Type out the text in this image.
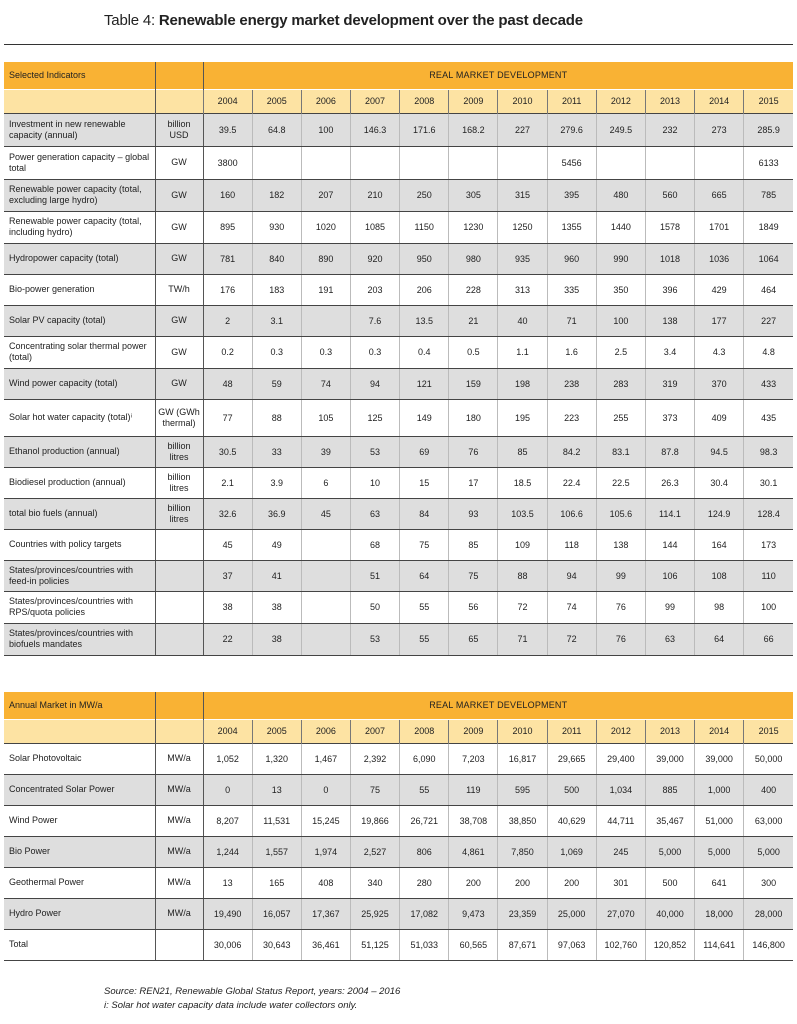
Table 4: Renewable energy market development over the past decade
Selected Indicators		REAL MARKET DEVELOPMENT											
		2004	2005	2006	2007	2008	2009	2010	2011	2012	2013	2014	2015
Investment in new renewable capacity (annual)	billion USD	39.5	64.8	100	146.3	171.6	168.2	227	279.6	249.5	232	273	285.9
Power generation capacity – global total	GW	3800							5456				6133
Renewable power capacity (total, excluding large hydro)	GW	160	182	207	210	250	305	315	395	480	560	665	785
Renewable power capacity (total, including hydro)	GW	895	930	1020	1085	1150	1230	1250	1355	1440	1578	1701	1849
Hydropower capacity (total)	GW	781	840	890	920	950	980	935	960	990	1018	1036	1064
Bio-power generation	TW/h	176	183	191	203	206	228	313	335	350	396	429	464
Solar PV capacity (total)	GW	2	3.1		7.6	13.5	21	40	71	100	138	177	227
Concentrating solar thermal power (total)	GW	0.2	0.3	0.3	0.3	0.4	0.5	1.1	1.6	2.5	3.4	4.3	4.8
Wind power capacity (total)	GW	48	59	74	94	121	159	198	238	283	319	370	433
Solar hot water capacity (total)ⁱ	GW (GWh thermal)	77	88	105	125	149	180	195	223	255	373	409	435
Ethanol production (annual)	billion litres	30.5	33	39	53	69	76	85	84.2	83.1	87.8	94.5	98.3
Biodiesel production (annual)	billion litres	2.1	3.9	6	10	15	17	18.5	22.4	22.5	26.3	30.4	30.1
total bio fuels (annual)	billion litres	32.6	36.9	45	63	84	93	103.5	106.6	105.6	114.1	124.9	128.4
Countries with policy targets		45	49		68	75	85	109	118	138	144	164	173
States/provinces/countries with feed-in policies		37	41		51	64	75	88	94	99	106	108	110
States/provinces/countries with RPS/quota policies		38	38		50	55	56	72	74	76	99	98	100
States/provinces/countries with biofuels mandates		22	38		53	55	65	71	72	76	63	64	66
Annual Market in MW/a		REAL MARKET DEVELOPMENT											
		2004	2005	2006	2007	2008	2009	2010	2011	2012	2013	2014	2015
Solar Photovoltaic	MW/a	1,052	1,320	1,467	2,392	6,090	7,203	16,817	29,665	29,400	39,000	39,000	50,000
Concentrated Solar Power	MW/a	0	13	0	75	55	119	595	500	1,034	885	1,000	400
Wind Power	MW/a	8,207	11,531	15,245	19,866	26,721	38,708	38,850	40,629	44,711	35,467	51,000	63,000
Bio Power	MW/a	1,244	1,557	1,974	2,527	806	4,861	7,850	1,069	245	5,000	5,000	5,000
Geothermal Power	MW/a	13	165	408	340	280	200	200	200	301	500	641	300
Hydro Power	MW/a	19,490	16,057	17,367	25,925	17,082	9,473	23,359	25,000	27,070	40,000	18,000	28,000
Total		30,006	30,643	36,461	51,125	51,033	60,565	87,671	97,063	102,760	120,852	114,641	146,800
Source: REN21, Renewable Global Status Report, years: 2004 – 2016
i: Solar hot water capacity data include water collectors only.
